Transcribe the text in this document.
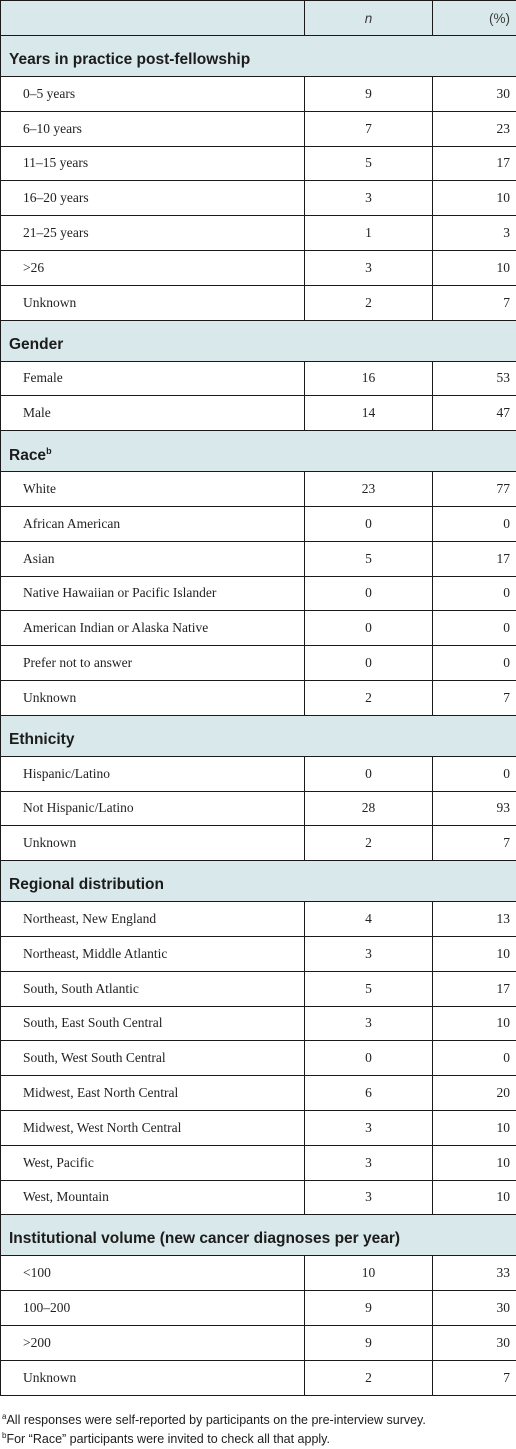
	n	(%)
Years in practice post-fellowship		
0–5 years	9	30
6–10 years	7	23
11–15 years	5	17
16–20 years	3	10
21–25 years	1	3
>26	3	10
Unknown	2	7
Gender		
Female	16	53
Male	14	47
Race$^b$
White	23	77
African American	0	0
Asian	5	17
Native Hawaiian or Pacific Islander	0	0
American Indian or Alaska Native	0	0
Prefer not to answer	0	0
Unknown	2	7
Ethnicity		
Hispanic/Latino	0	0
Not Hispanic/Latino	28	93
Unknown	2	7
Regional distribution		
Northeast, New England	4	13
Northeast, Middle Atlantic	3	10
South, South Atlantic	5	17
South, East South Central	3	10
South, West South Central	0	0
Midwest, East North Central	6	20
Midwest, West North Central	3	10
West, Pacific	3	10
West, Mountain	3	10
Institutional volume (new cancer diagnoses per year)		
<100	10	33
100–200	9	30
>200	9	30
Unknown	2	7
$^a$All responses were self-reported by participants on the pre-interview survey.
$^b$For “Race” participants were invited to check all that apply.
